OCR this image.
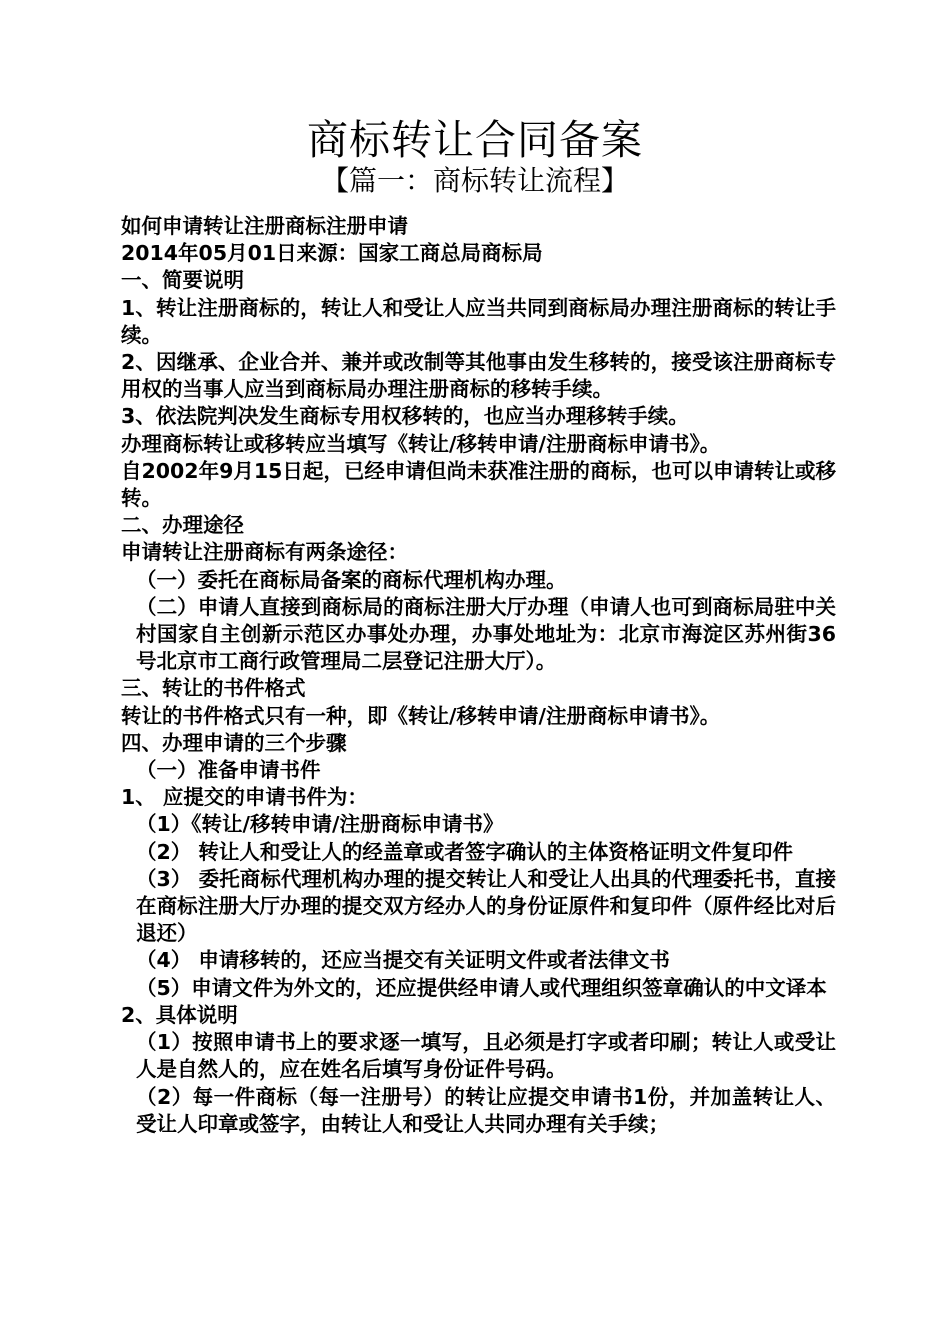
商标转让合同备案
【篇一：商标转让流程】

如何申请转让注册商标注册申请

2014年05月01日来源：国家工商总局商标局

一、简要说明

1、转让注册商标的，转让人和受让人应当共同到商标局办理注册商标的转让手续。

2、因继承、企业合并、兼并或改制等其他事由发生移转的，接受该注册商标专用权的当事人应当到商标局办理注册商标的移转手续。

3、依法院判决发生商标专用权移转的，也应当办理移转手续。

办理商标转让或移转应当填写《转让/移转申请/注册商标申请书》。

自2002年9月15日起，已经申请但尚未获准注册的商标，也可以申请转让或移转。

二、办理途径

申请转让注册商标有两条途径：

（一）委托在商标局备案的商标代理机构办理。

（二）申请人直接到商标局的商标注册大厅办理（申请人也可到商标局驻中关村国家自主创新示范区办事处办理，办事处地址为：北京市海淀区苏州街36号北京市工商行政管理局二层登记注册大厅）。

三、转让的书件格式

转让的书件格式只有一种，即《转让/移转申请/注册商标申请书》。

四、办理申请的三个步骤

（一）准备申请书件

1、 应提交的申请书件为：

（1）《转让/移转申请/注册商标申请书》

（2） 转让人和受让人的经盖章或者签字确认的主体资格证明文件复印件

（3） 委托商标代理机构办理的提交转让人和受让人出具的代理委托书，直接在商标注册大厅办理的提交双方经办人的身份证原件和复印件（原件经比对后退还）

（4） 申请移转的，还应当提交有关证明文件或者法律文书

（5）申请文件为外文的，还应提供经申请人或代理组织签章确认的中文译本

2、具体说明

（1）按照申请书上的要求逐一填写，且必须是打字或者印刷；转让人或受让人是自然人的，应在姓名后填写身份证件号码。

（2）每一件商标（每一注册号）的转让应提交申请书1份，并加盖转让人、受让人印章或签字，由转让人和受让人共同办理有关手续；
